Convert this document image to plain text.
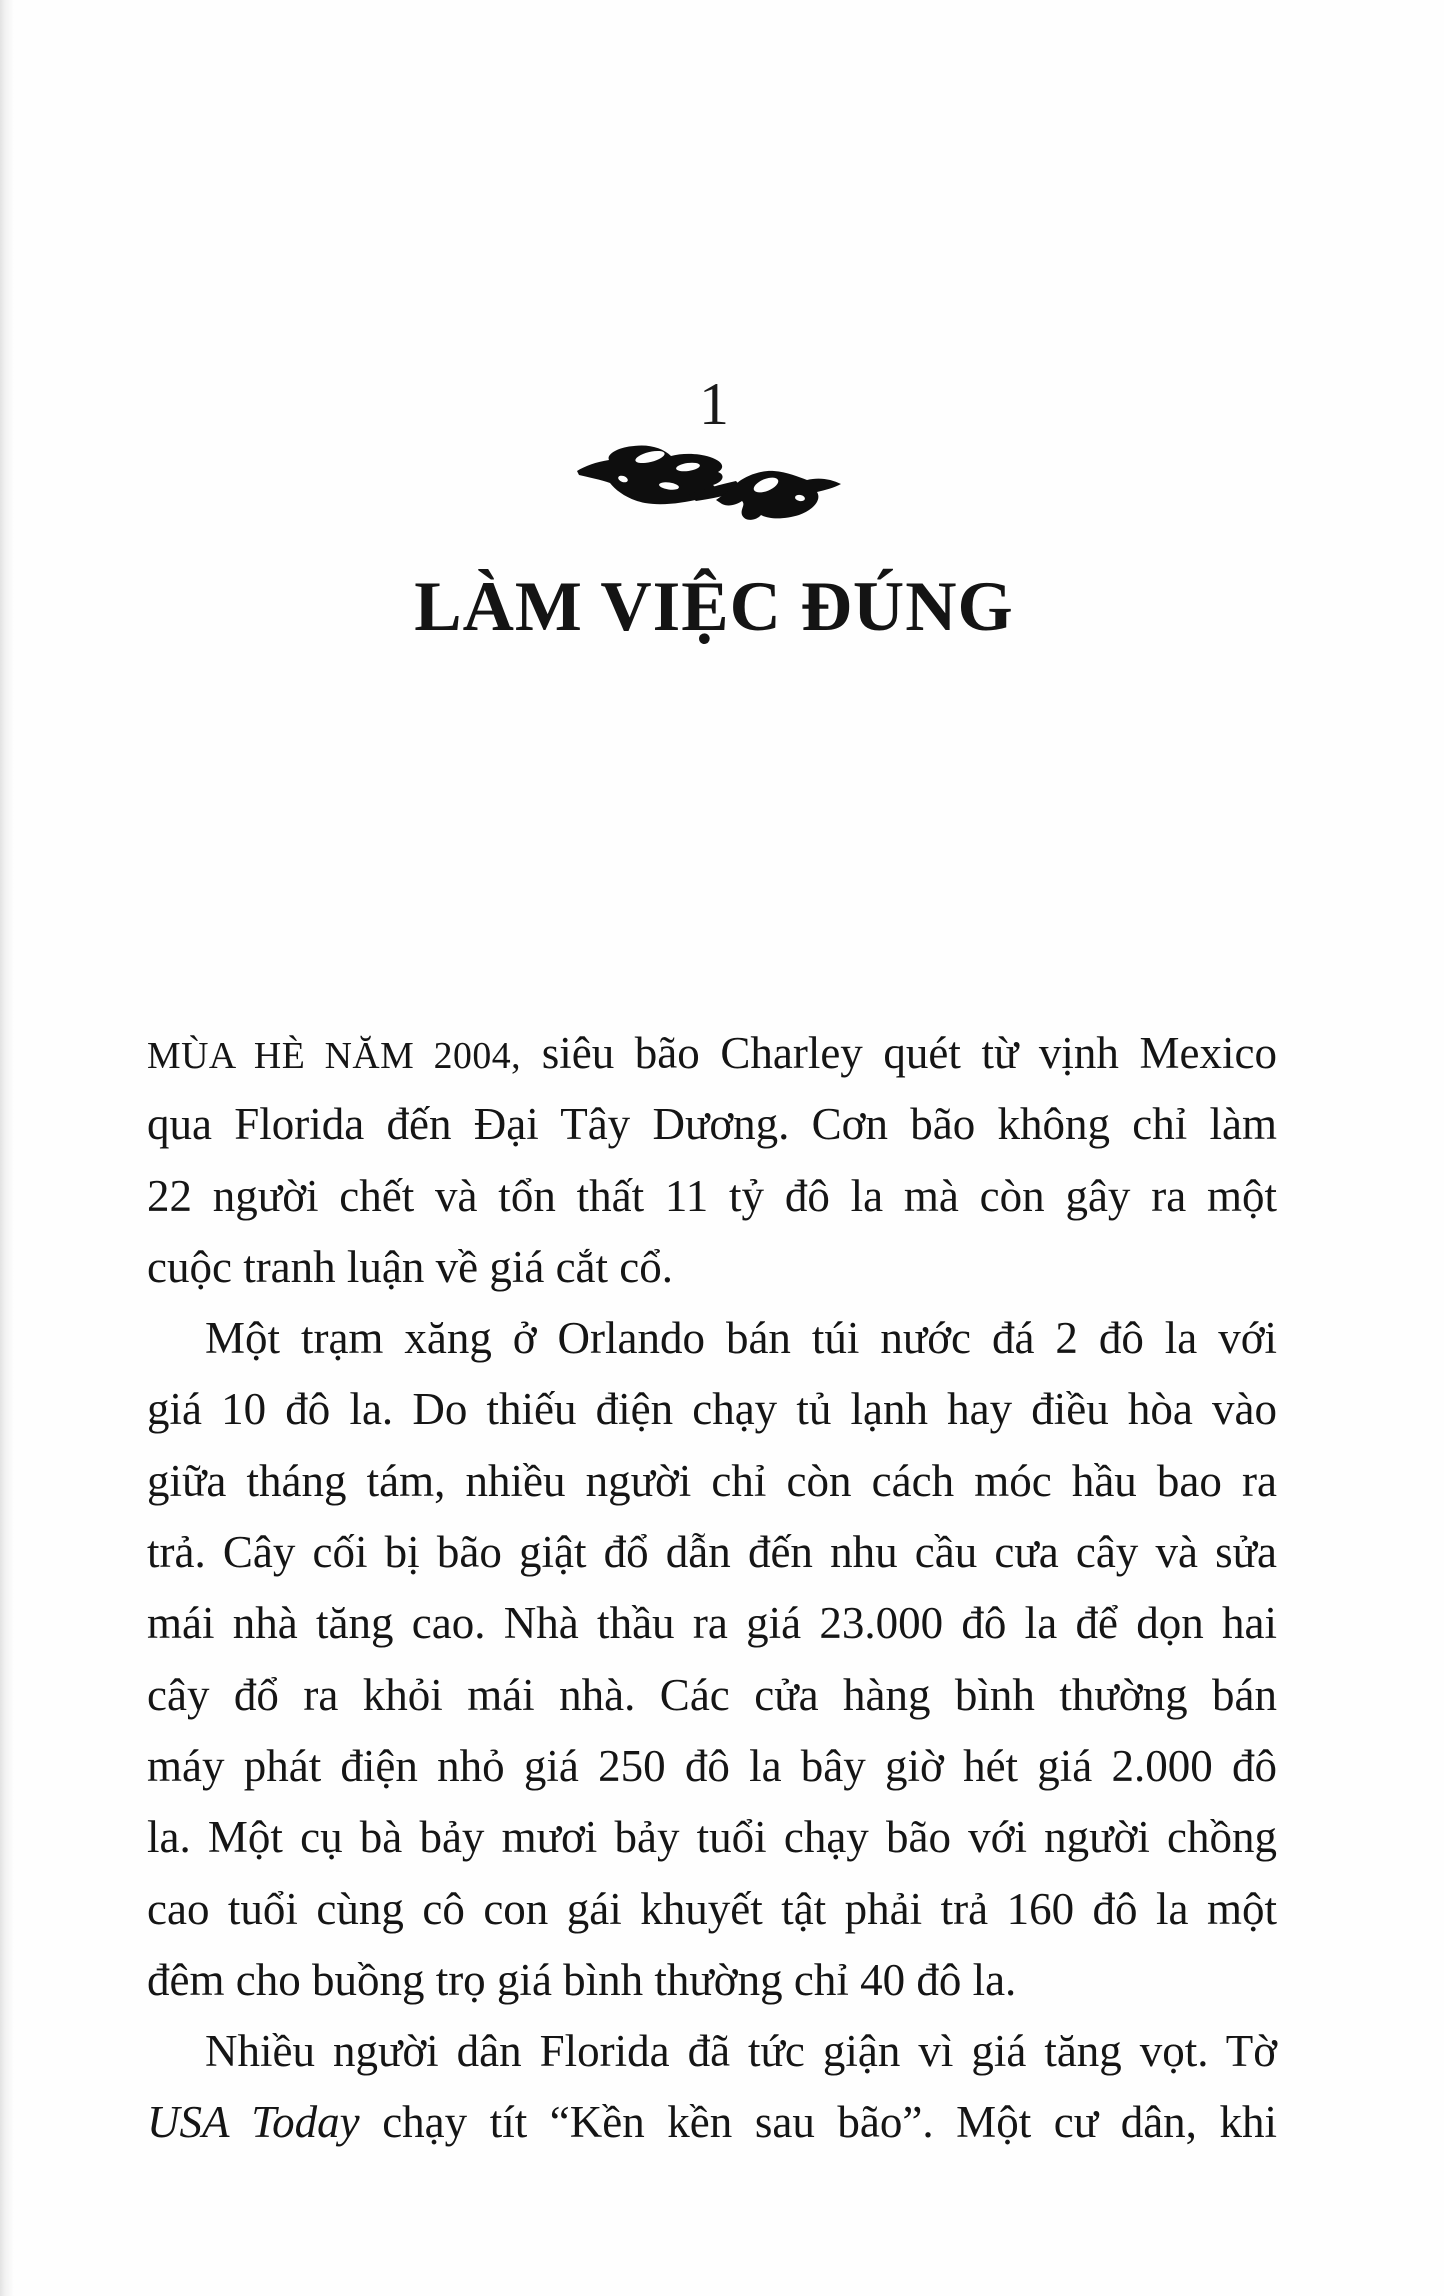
1
LÀM VIỆC ĐÚNG
MÙA HÈ NĂM 2004, siêu bão Charley quét từ vịnh Mexico
qua Florida đến Đại Tây Dương. Cơn bão không chỉ làm
22 người chết và tổn thất 11 tỷ đô la mà còn gây ra một
cuộc tranh luận về giá cắt cổ.
Một trạm xăng ở Orlando bán túi nước đá 2 đô la với
giá 10 đô la. Do thiếu điện chạy tủ lạnh hay điều hòa vào
giữa tháng tám, nhiều người chỉ còn cách móc hầu bao ra
trả. Cây cối bị bão giật đổ dẫn đến nhu cầu cưa cây và sửa
mái nhà tăng cao. Nhà thầu ra giá 23.000 đô la để dọn hai
cây đổ ra khỏi mái nhà. Các cửa hàng bình thường bán
máy phát điện nhỏ giá 250 đô la bây giờ hét giá 2.000 đô
la. Một cụ bà bảy mươi bảy tuổi chạy bão với người chồng
cao tuổi cùng cô con gái khuyết tật phải trả 160 đô la một
đêm cho buồng trọ giá bình thường chỉ 40 đô la.
Nhiều người dân Florida đã tức giận vì giá tăng vọt. Tờ
USA Today chạy tít “Kền kền sau bão”. Một cư dân, khi
